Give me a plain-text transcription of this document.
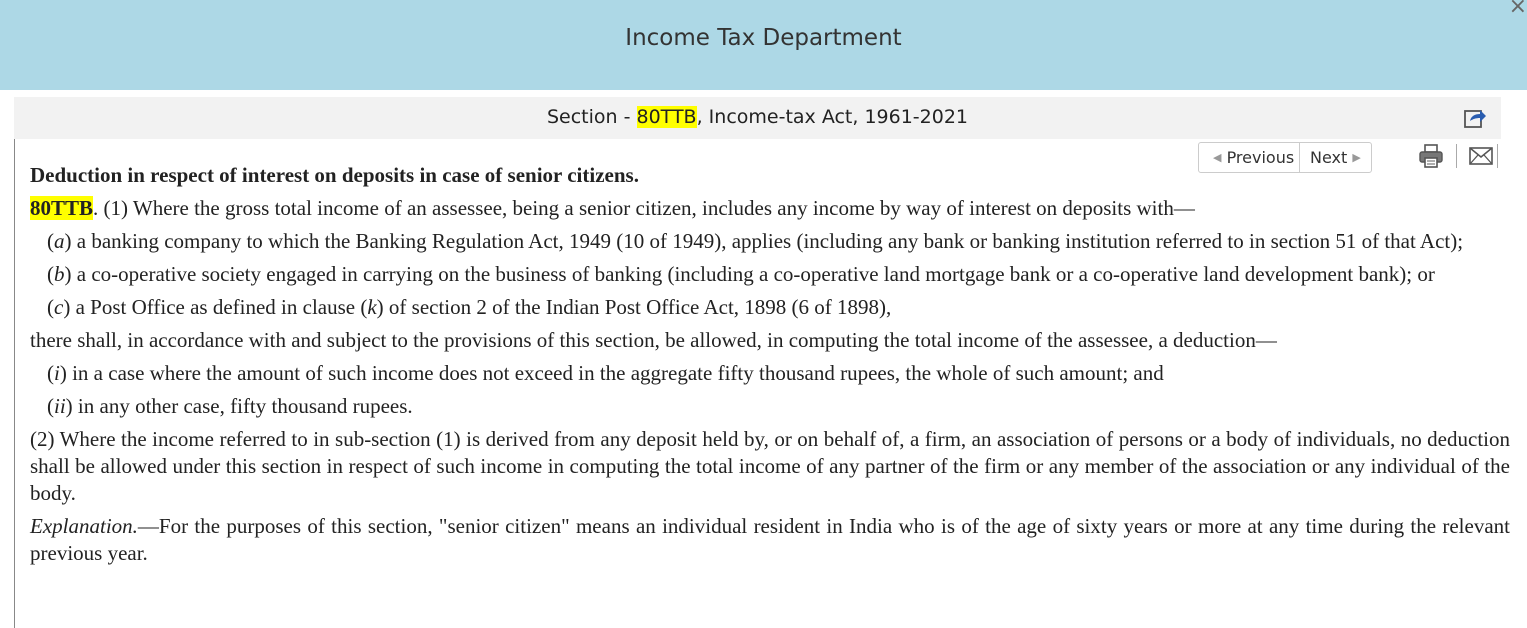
Income Tax Department
×
Section - 80TTB, Income-tax Act, 1961-2021
◀
Previous Next
▶

Deduction in respect of interest on deposits in case of senior citizens.

80TTB. (1) Where the gross total income of an assessee, being a senior citizen, includes any income by way of interest on deposits with—

(a) a banking company to which the Banking Regulation Act, 1949 (10 of 1949), applies (including any bank or banking institution referred to in section 51 of that Act);

(b) a co-operative society engaged in carrying on the business of banking (including a co-operative land mortgage bank or a co-operative land development bank); or

(c) a Post Office as defined in clause (k) of section 2 of the Indian Post Office Act, 1898 (6 of 1898),

there shall, in accordance with and subject to the provisions of this section, be allowed, in computing the total income of the assessee, a deduction—

(i) in a case where the amount of such income does not exceed in the aggregate fifty thousand rupees, the whole of such amount; and

(ii) in any other case, fifty thousand rupees.

(2) Where the income referred to in sub-section (1) is derived from any deposit held by, or on behalf of, a firm, an association of persons or a body of individuals, no deduction shall be allowed under this section in respect of such income in computing the total income of any partner of the firm or any member of the association or any individual of the body.

Explanation.—For the purposes of this section, "senior citizen" means an individual resident in India who is of the age of sixty years or more at any time during the relevant previous year.
